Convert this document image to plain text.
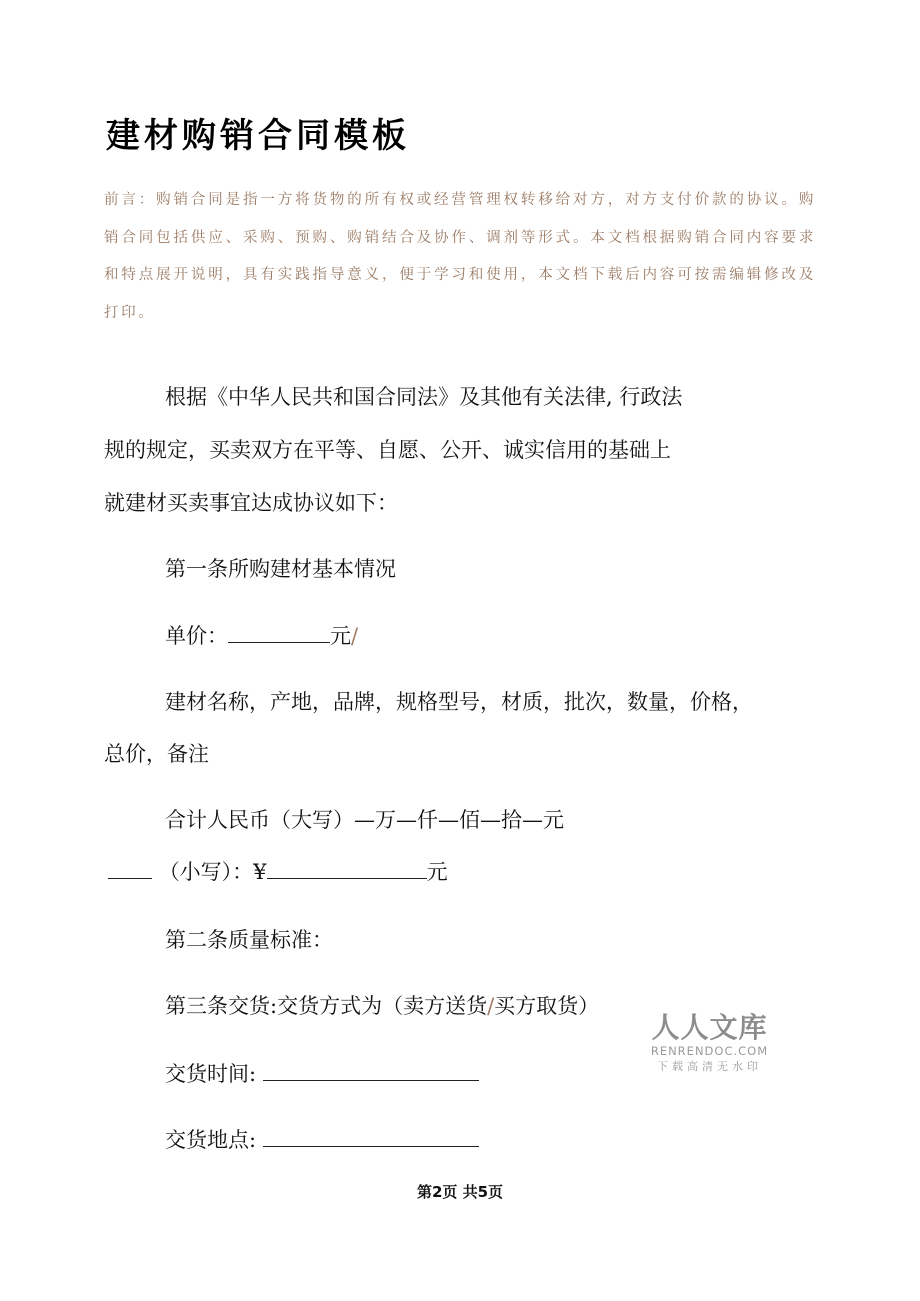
建材购销合同模板
前言：购销合同是指一方将货物的所有权或经营管理权转移给对方，对方支付价款的协议。购销合同包括供应、采购、预购、购销结合及协作、调剂等形式。本文档根据购销合同内容要求和特点展开说明，具有实践指导意义，便于学习和使用，本文档下载后内容可按需编辑修改及打印。
根据《中华人民共和国合同法》及其他有关法律, 行政法
规的规定，买卖双方在平等、自愿、公开、诚实信用的基础上
就建材买卖事宜达成协议如下：
第一条所购建材基本情况
单价：	元/
建材名称，产地，品牌，规格型号，材质，批次，数量，价格，
总价，备注
合计人民币（大写）—万—仟—佰—拾—元
（小写）：¥	元
第二条质量标准：
第三条交货:交货方式为（卖方送货/买方取货）
交货时间:
交货地点:
人人文库
RENRENDOC.COM
下载高清无水印
第2页 共5页
